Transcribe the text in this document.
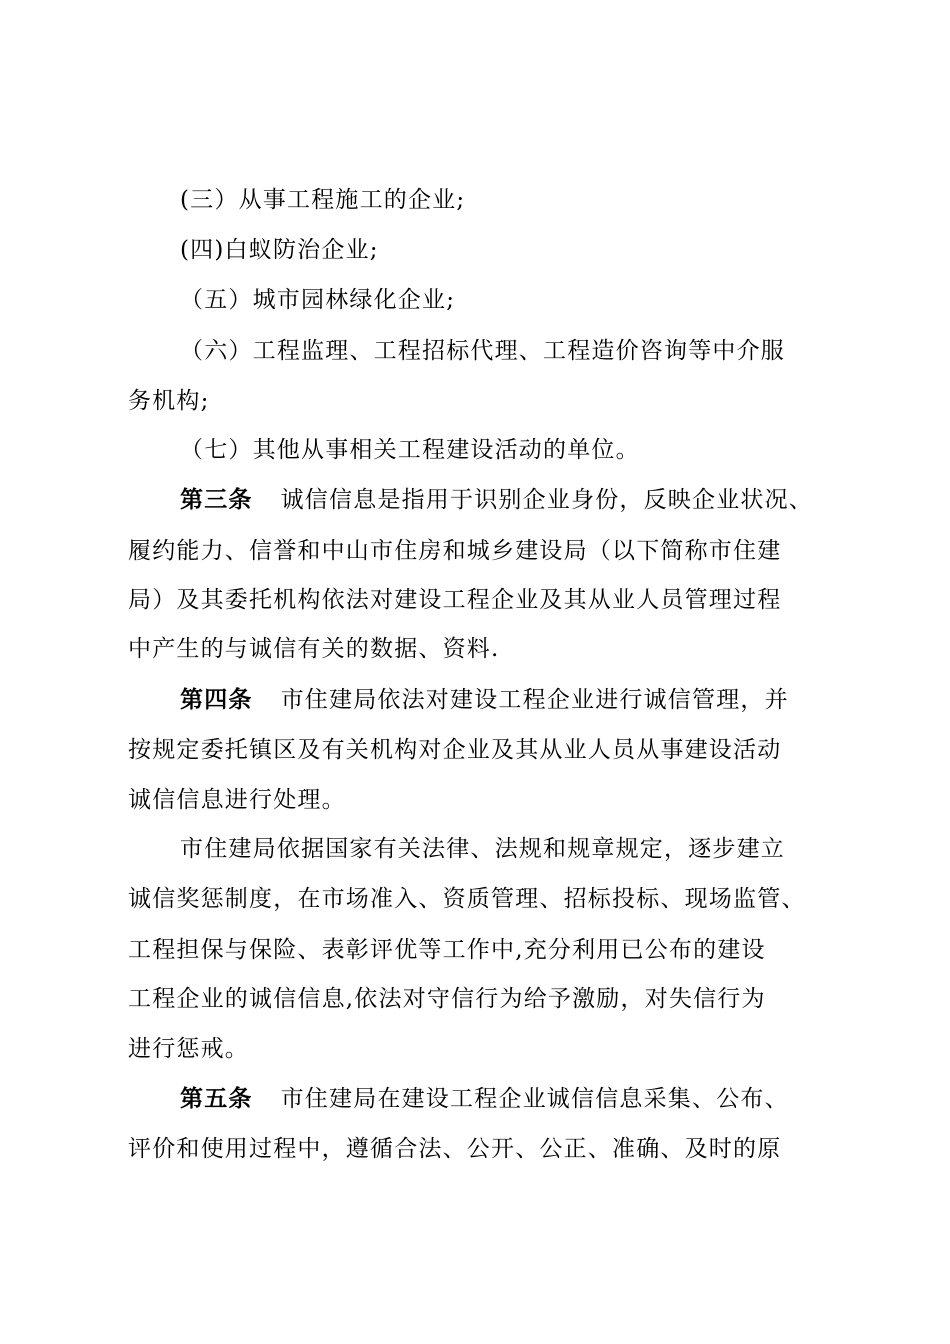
(三）从事工程施工的企业;
(四)白蚁防治企业;
（五）城市园林绿化企业;
（六）工程监理、工程招标代理、工程造价咨询等中介服
务机构;
（七）其他从事相关工程建设活动的单位。
第三条 诚信信息是指用于识别企业身份，反映企业状况、
履约能力、信誉和中山市住房和城乡建设局（以下简称市住建
局）及其委托机构依法对建设工程企业及其从业人员管理过程
中产生的与诚信有关的数据、资料.
第四条 市住建局依法对建设工程企业进行诚信管理，并
按规定委托镇区及有关机构对企业及其从业人员从事建设活动
诚信信息进行处理。
市住建局依据国家有关法律、法规和规章规定，逐步建立
诚信奖惩制度，在市场准入、资质管理、招标投标、现场监管、
工程担保与保险、表彰评优等工作中,充分利用已公布的建设
工程企业的诚信信息,依法对守信行为给予激励，对失信行为
进行惩戒。
第五条 市住建局在建设工程企业诚信信息采集、公布、
评价和使用过程中，遵循合法、公开、公正、准确、及时的原
